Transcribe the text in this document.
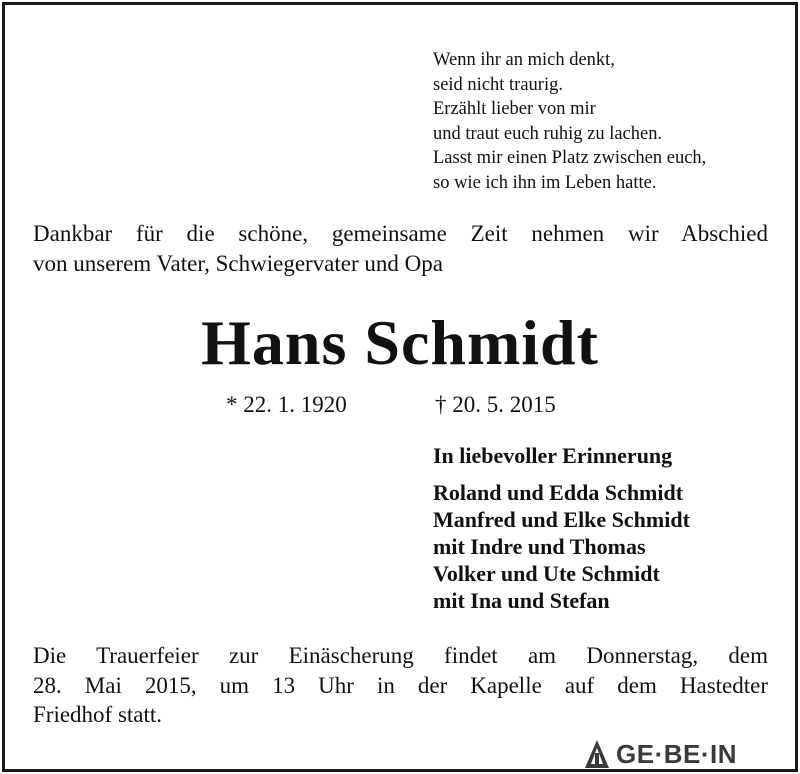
Wenn ihr an mich denkt,
seid nicht traurig.
Erzählt lieber von mir
und traut euch ruhig zu lachen.
Lasst mir einen Platz zwischen euch,
so wie ich ihn im Leben hatte.
Dankbar für die schöne, gemeinsame Zeit nehmen wir Abschied
von unserem Vater, Schwiegervater und Opa
Hans Schmidt
* 22. 1. 1920	† 20. 5. 2015
In liebevoller Erinnerung
Roland und Edda Schmidt
Manfred und Elke Schmidt
mit Indre und Thomas
Volker und Ute Schmidt
mit Ina und Stefan
Die Trauerfeier zur Einäscherung findet am Donnerstag, dem
28. Mai 2015, um 13 Uhr in der Kapelle auf dem Hastedter
Friedhof statt.
GE·BE·IN
